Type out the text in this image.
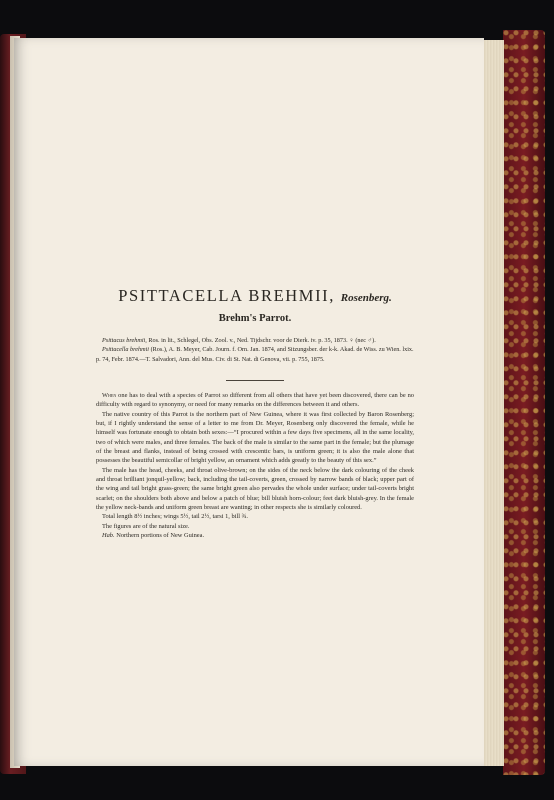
PSITTACELLA BREHMII, Rosenberg.
Brehm's Parrot.

Psittacus brehmii, Ros. in lit., Schlegel, Obs. Zool. v., Ned. Tijdschr. voor de Dierk. iv. p. 35, 1873. ♀ (nec ♂).

Psittacella brehmii (Ros.), A. B. Meyer, Cab. Journ. f. Orn. Jan. 1874, and Sitzungsber. der k-k. Akad. de Wiss. zu Wien. lxix. p. 74, Febr. 1874.—T. Salvadori, Ann. del Mus. Civ. di St. Nat. di Genova, vii. p. 755, 1875.

When one has to deal with a species of Parrot so different from all others that have yet been discovered, there can be no difficulty with regard to synonymy, or need for many remarks on the differences between it and others.

The native country of this Parrot is the northern part of New Guinea, where it was first collected by Baron Rosenberg; but, if I rightly understand the sense of a letter to me from Dr. Meyer, Rosenberg only discovered the female, while he himself was fortunate enough to obtain both sexes:—“I procured within a few days five specimens, all in the same locality, two of which were males, and three females. The back of the male is similar to the same part in the female; but the plumage of the breast and flanks, instead of being crossed with crescentic bars, is uniform green; it is also the male alone that possesses the beautiful semicollar of bright yellow, an ornament which adds greatly to the beauty of this sex.”

The male has the head, cheeks, and throat olive-brown; on the sides of the neck below the dark colouring of the cheek and throat brilliant jonquil-yellow; back, including the tail-coverts, green, crossed by narrow bands of black; upper part of the wing and tail bright grass-green; the same bright green also pervades the whole under surface; under tail-coverts bright scarlet; on the shoulders both above and below a patch of blue; bill bluish horn-colour; feet dark bluish-grey. In the female the yellow neck-bands and uniform green breast are wanting; in other respects she is similarly coloured.

Total length 8½ inches; wings 5½, tail 2½, tarsi 1, bill ¾.

The figures are of the natural size.

Hab. Northern portions of New Guinea.
